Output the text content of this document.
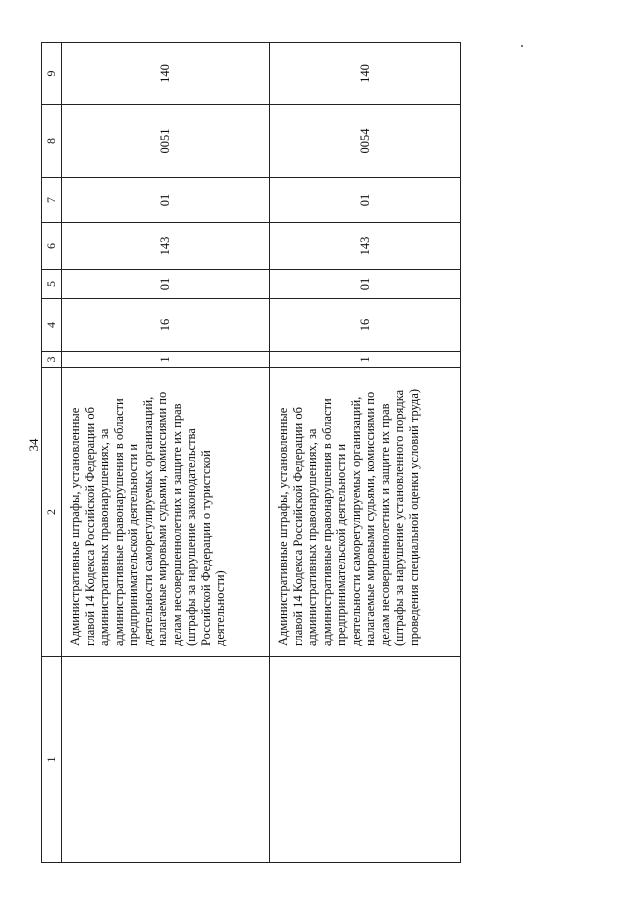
34
1	2	3	4	5	6	7	8	9
	Административные штрафы, установленные главой 14 Кодекса Российской Федерации об административных правонарушениях, за административные правонарушения в области предпринимательской деятельности и деятельности саморегулируемых организаций, налагаемые мировыми судьями, комиссиями по делам несовершеннолетних и защите их прав (штрафы за нарушение законодательства Российской Федерации о туристской деятельности)	1	16	01	143	01	0051	140
	Административные штрафы, установленные главой 14 Кодекса Российской Федерации об административных правонарушениях, за административные правонарушения в области предпринимательской деятельности и деятельности саморегулируемых организаций, налагаемые мировыми судьями, комиссиями по делам несовершеннолетних и защите их прав (штрафы за нарушение установленного порядка проведения специальной оценки условий труда)	1	16	01	143	01	0054	140
